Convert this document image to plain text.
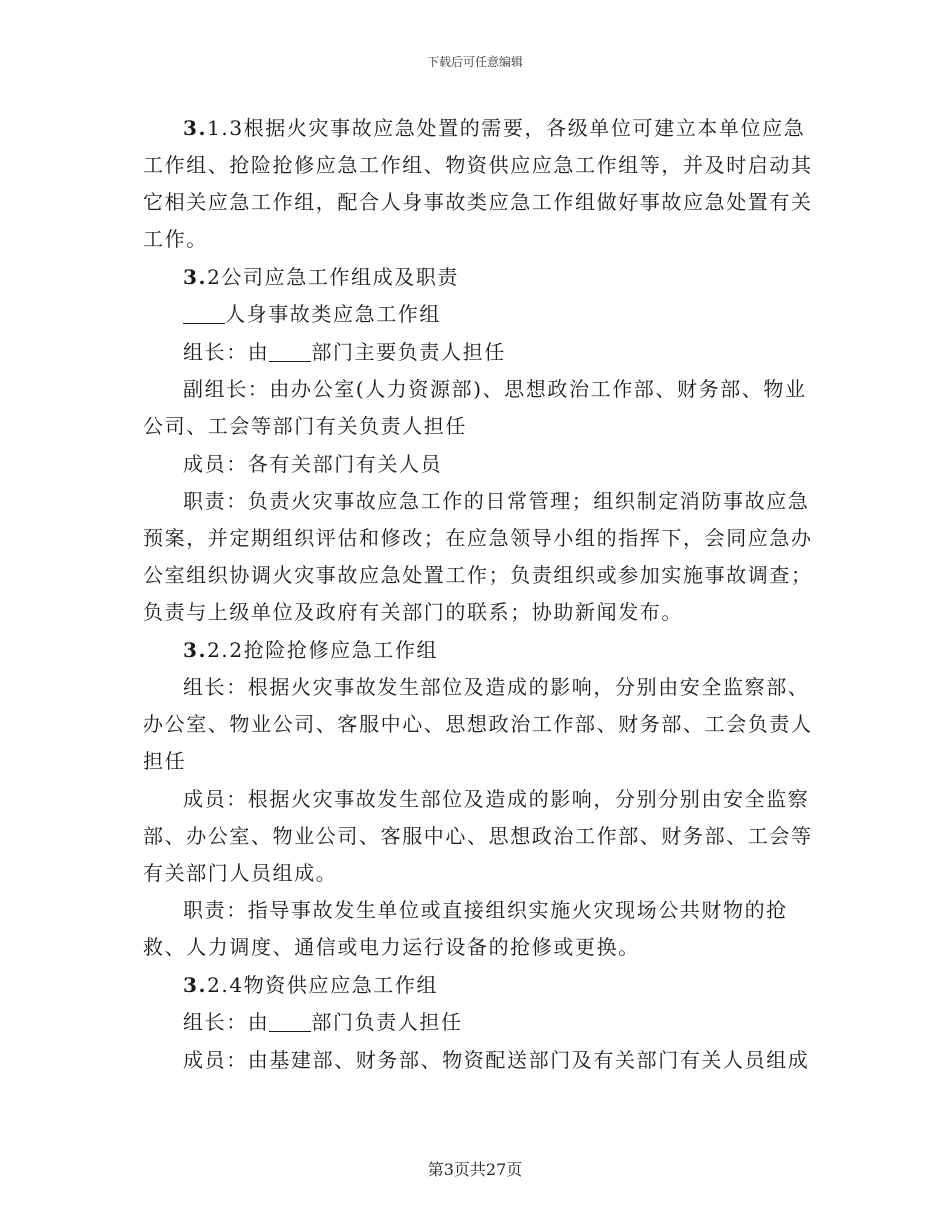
下载后可任意编辑

3.1.3根据火灾事故应急处置的需要，各级单位可建立本单位应急工作组、抢险抢修应急工作组、物资供应应急工作组等，并及时启动其它相关应急工作组，配合人身事故类应急工作组做好事故应急处置有关工作。

3.2公司应急工作组成及职责

人身事故类应急工作组

组长：由 部门主要负责人担任

副组长：由办公室(人力资源部)、思想政治工作部、财务部、物业公司、工会等部门有关负责人担任

成员：各有关部门有关人员

职责：负责火灾事故应急工作的日常管理；组织制定消防事故应急预案，并定期组织评估和修改；在应急领导小组的指挥下，会同应急办公室组织协调火灾事故应急处置工作；负责组织或参加实施事故调查；负责与上级单位及政府有关部门的联系；协助新闻发布。

3.2.2抢险抢修应急工作组

组长：根据火灾事故发生部位及造成的影响，分别由安全监察部、办公室、物业公司、客服中心、思想政治工作部、财务部、工会负责人担任

成员：根据火灾事故发生部位及造成的影响，分别分别由安全监察部、办公室、物业公司、客服中心、思想政治工作部、财务部、工会等有关部门人员组成。

职责：指导事故发生单位或直接组织实施火灾现场公共财物的抢救、人力调度、通信或电力运行设备的抢修或更换。

3.2.4物资供应应急工作组

组长：由 部门负责人担任

成员：由基建部、财务部、物资配送部门及有关部门有关人员组成

第3页共27页
